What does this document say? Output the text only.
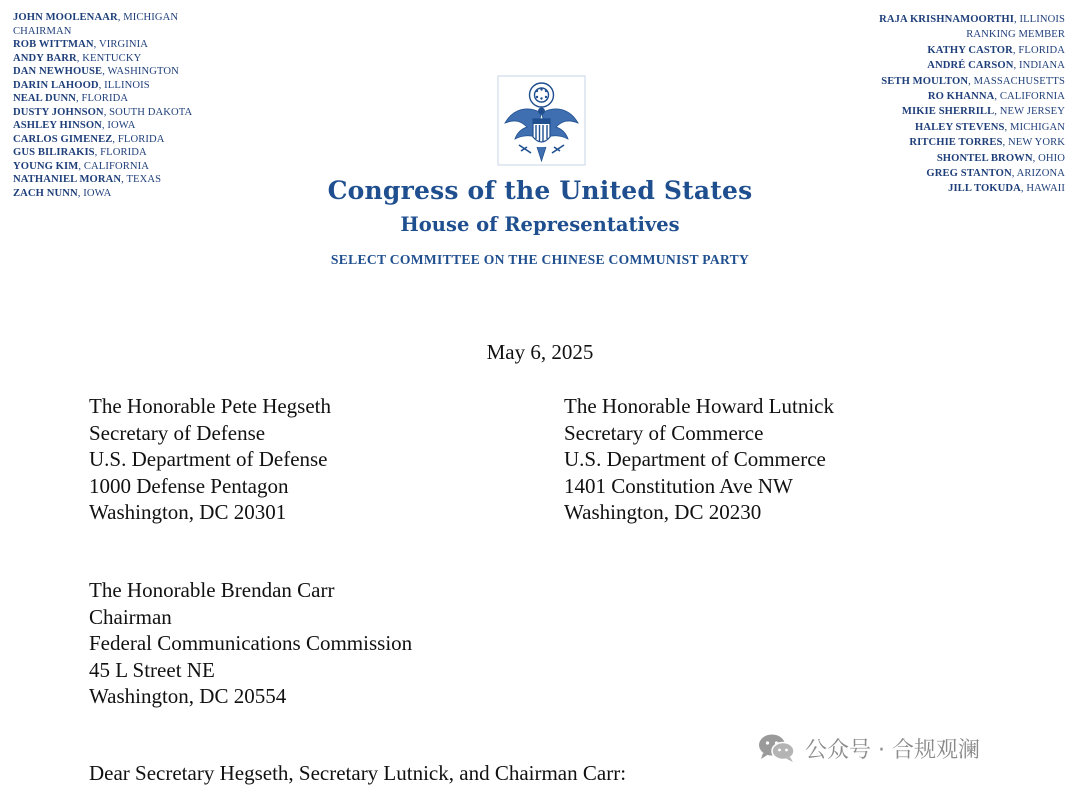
JOHN MOOLENAAR, MICHIGAN
CHAIRMAN
ROB WITTMAN, VIRGINIA
ANDY BARR, KENTUCKY
DAN NEWHOUSE, WASHINGTON
DARIN LAHOOD, ILLINOIS
NEAL DUNN, FLORIDA
DUSTY JOHNSON, SOUTH DAKOTA
ASHLEY HINSON, IOWA
CARLOS GIMENEZ, FLORIDA
GUS BILIRAKIS, FLORIDA
YOUNG KIM, CALIFORNIA
NATHANIEL MORAN, TEXAS
ZACH NUNN, IOWA
RAJA KRISHNAMOORTHI, ILLINOIS
RANKING MEMBER
KATHY CASTOR, FLORIDA
ANDRÉ CARSON, INDIANA
SETH MOULTON, MASSACHUSETTS
RO KHANNA, CALIFORNIA
MIKIE SHERRILL, NEW JERSEY
HALEY STEVENS, MICHIGAN
RITCHIE TORRES, NEW YORK
SHONTEL BROWN, OHIO
GREG STANTON, ARIZONA
JILL TOKUDA, HAWAII
Congress of the United States
House of Representatives
SELECT COMMITTEE ON THE CHINESE COMMUNIST PARTY
May 6, 2025
The Honorable Pete Hegseth
Secretary of Defense
U.S. Department of Defense
1000 Defense Pentagon
Washington, DC 20301
The Honorable Howard Lutnick
Secretary of Commerce
U.S. Department of Commerce
1401 Constitution Ave NW
Washington, DC 20230
The Honorable Brendan Carr
Chairman
Federal Communications Commission
45 L Street NE
Washington, DC 20554
Dear Secretary Hegseth, Secretary Lutnick, and Chairman Carr:
公众号 · 合规观澜
